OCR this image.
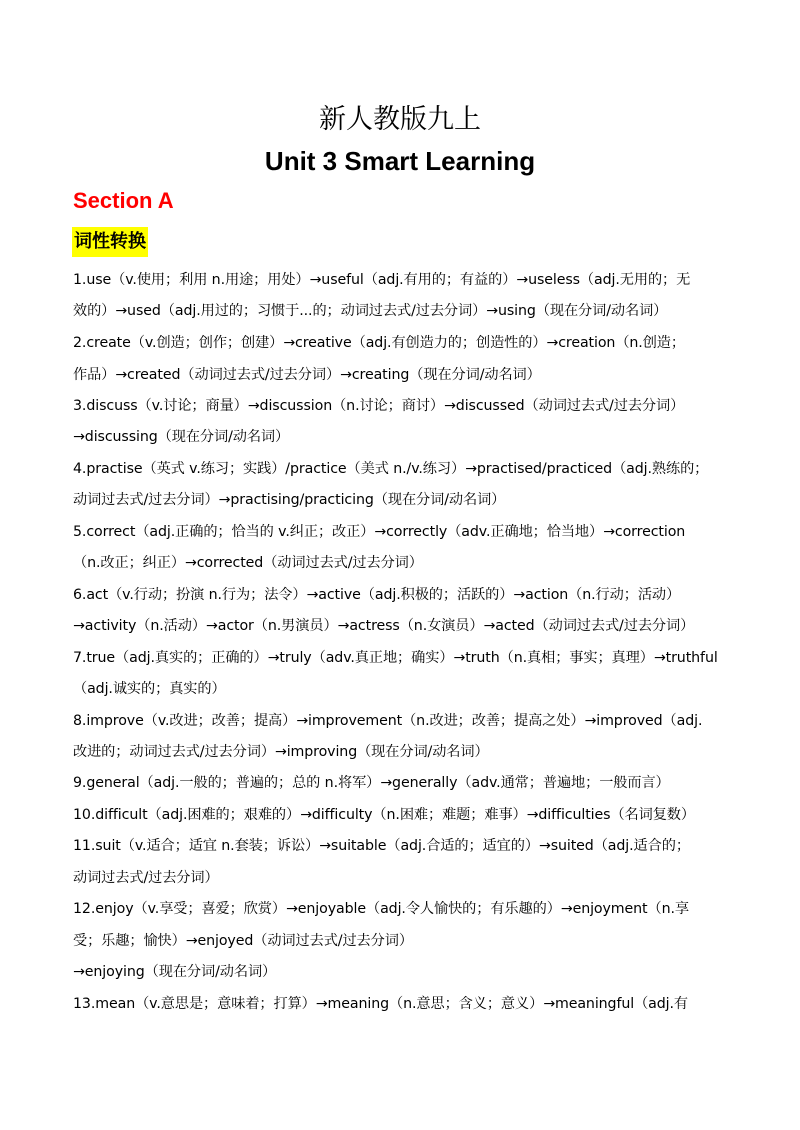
新人教版九上
Unit 3 Smart Learning
Section A
词性转换
1.use（v.使用；利用 n.用途；用处）→useful（adj.有用的；有益的）→useless（adj.无用的；无
效的）→used（adj.用过的；习惯于...的；动词过去式/过去分词）→using（现在分词/动名词）
2.create（v.创造；创作；创建）→creative（adj.有创造力的；创造性的）→creation（n.创造；
作品）→created（动词过去式/过去分词）→creating（现在分词/动名词）
3.discuss（v.讨论；商量）→discussion（n.讨论；商讨）→discussed（动词过去式/过去分词）
→discussing（现在分词/动名词）
4.practise（英式 v.练习；实践）/practice（美式 n./v.练习）→practised/practiced（adj.熟练的；
动词过去式/过去分词）→practising/practicing（现在分词/动名词）
5.correct（adj.正确的；恰当的 v.纠正；改正）→correctly（adv.正确地；恰当地）→correction
（n.改正；纠正）→corrected（动词过去式/过去分词）
6.act（v.行动；扮演 n.行为；法令）→active（adj.积极的；活跃的）→action（n.行动；活动）
→activity（n.活动）→actor（n.男演员）→actress（n.女演员）→acted（动词过去式/过去分词）
7.true（adj.真实的；正确的）→truly（adv.真正地；确实）→truth（n.真相；事实；真理）→truthful
（adj.诚实的；真实的）
8.improve（v.改进；改善；提高）→improvement（n.改进；改善；提高之处）→improved（adj.
改进的；动词过去式/过去分词）→improving（现在分词/动名词）
9.general（adj.一般的；普遍的；总的 n.将军）→generally（adv.通常；普遍地；一般而言）
10.difficult（adj.困难的；艰难的）→difficulty（n.困难；难题；难事）→difficulties（名词复数）
11.suit（v.适合；适宜 n.套装；诉讼）→suitable（adj.合适的；适宜的）→suited（adj.适合的；
动词过去式/过去分词）
12.enjoy（v.享受；喜爱；欣赏）→enjoyable（adj.令人愉快的；有乐趣的）→enjoyment（n.享
受；乐趣；愉快）→enjoyed（动词过去式/过去分词）
→enjoying（现在分词/动名词）
13.mean（v.意思是；意味着；打算）→meaning（n.意思；含义；意义）→meaningful（adj.有
